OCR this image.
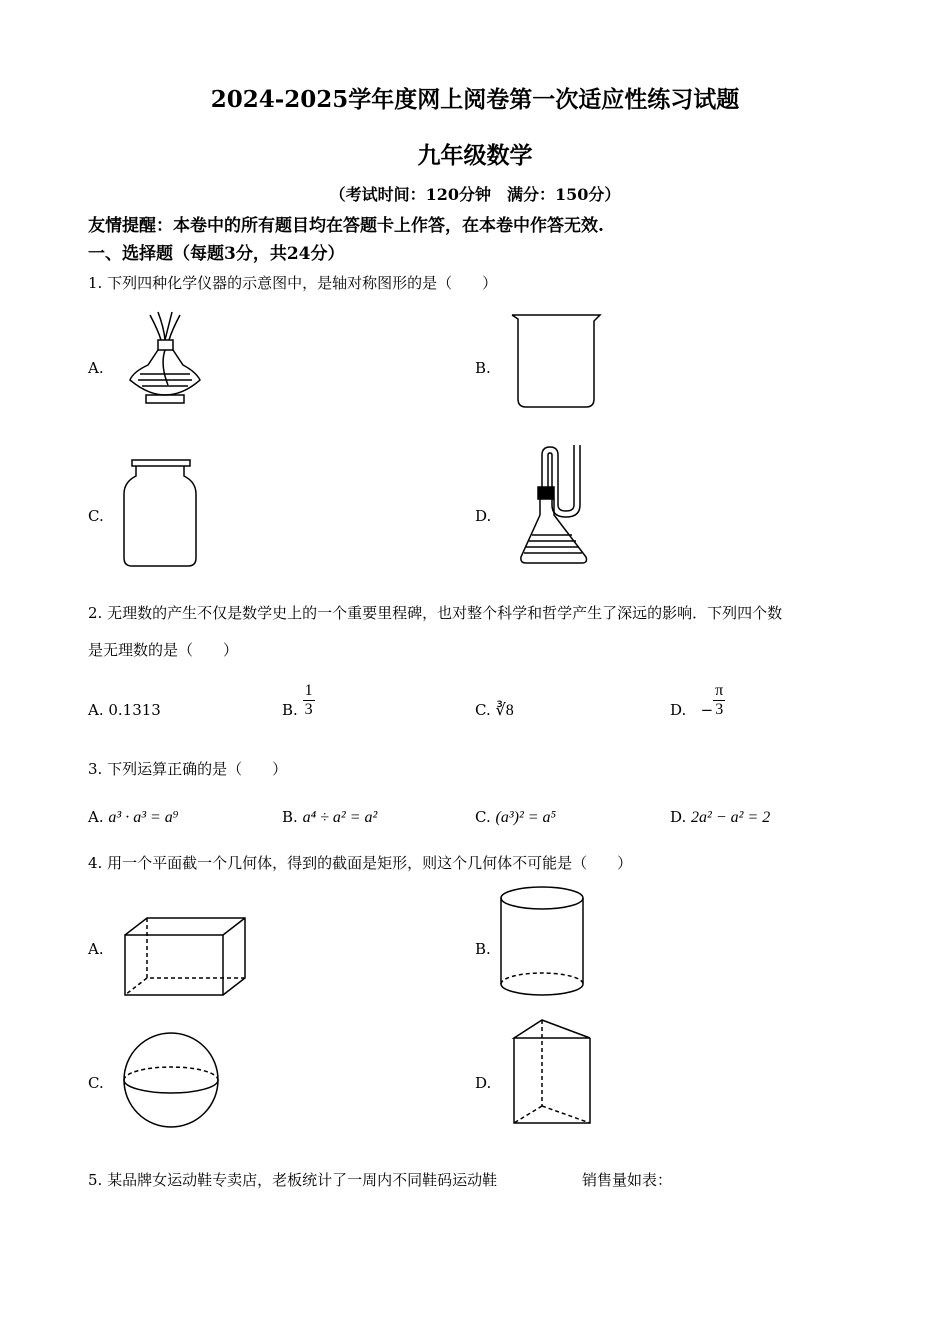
2024-2025学年度网上阅卷第一次适应性练习试题
九年级数学
（考试时间：120分钟　满分：150分）
友情提醒：本卷中的所有题目均在答题卡上作答，在本卷中作答无效.
一、选择题（每题3分，共24分）
1. 下列四种化学仪器的示意图中，是轴对称图形的是（　　）
A.	B.
C.	D.
2. 无理数的产生不仅是数学史上的一个重要里程碑，也对整个科学和哲学产生了深远的影响．下列四个数
是无理数的是（　　）
A. 0.1313	B. $\frac{1}{3}$	C. ∛8	D. − $\frac{\pi}{3}$
3. 下列运算正确的是（　　）
A. a³ · a³ = a⁹	B. a⁴ ÷ a² = a²	C. (a³)² = a⁵	D. 2a² − a² = 2
4. 用一个平面截一个几何体，得到的截面是矩形，则这个几何体不可能是（　　）
A.	B.
C.	D.
5. 某品牌女运动鞋专卖店，老板统计了一周内不同鞋码运动鞋	销售量如表：
